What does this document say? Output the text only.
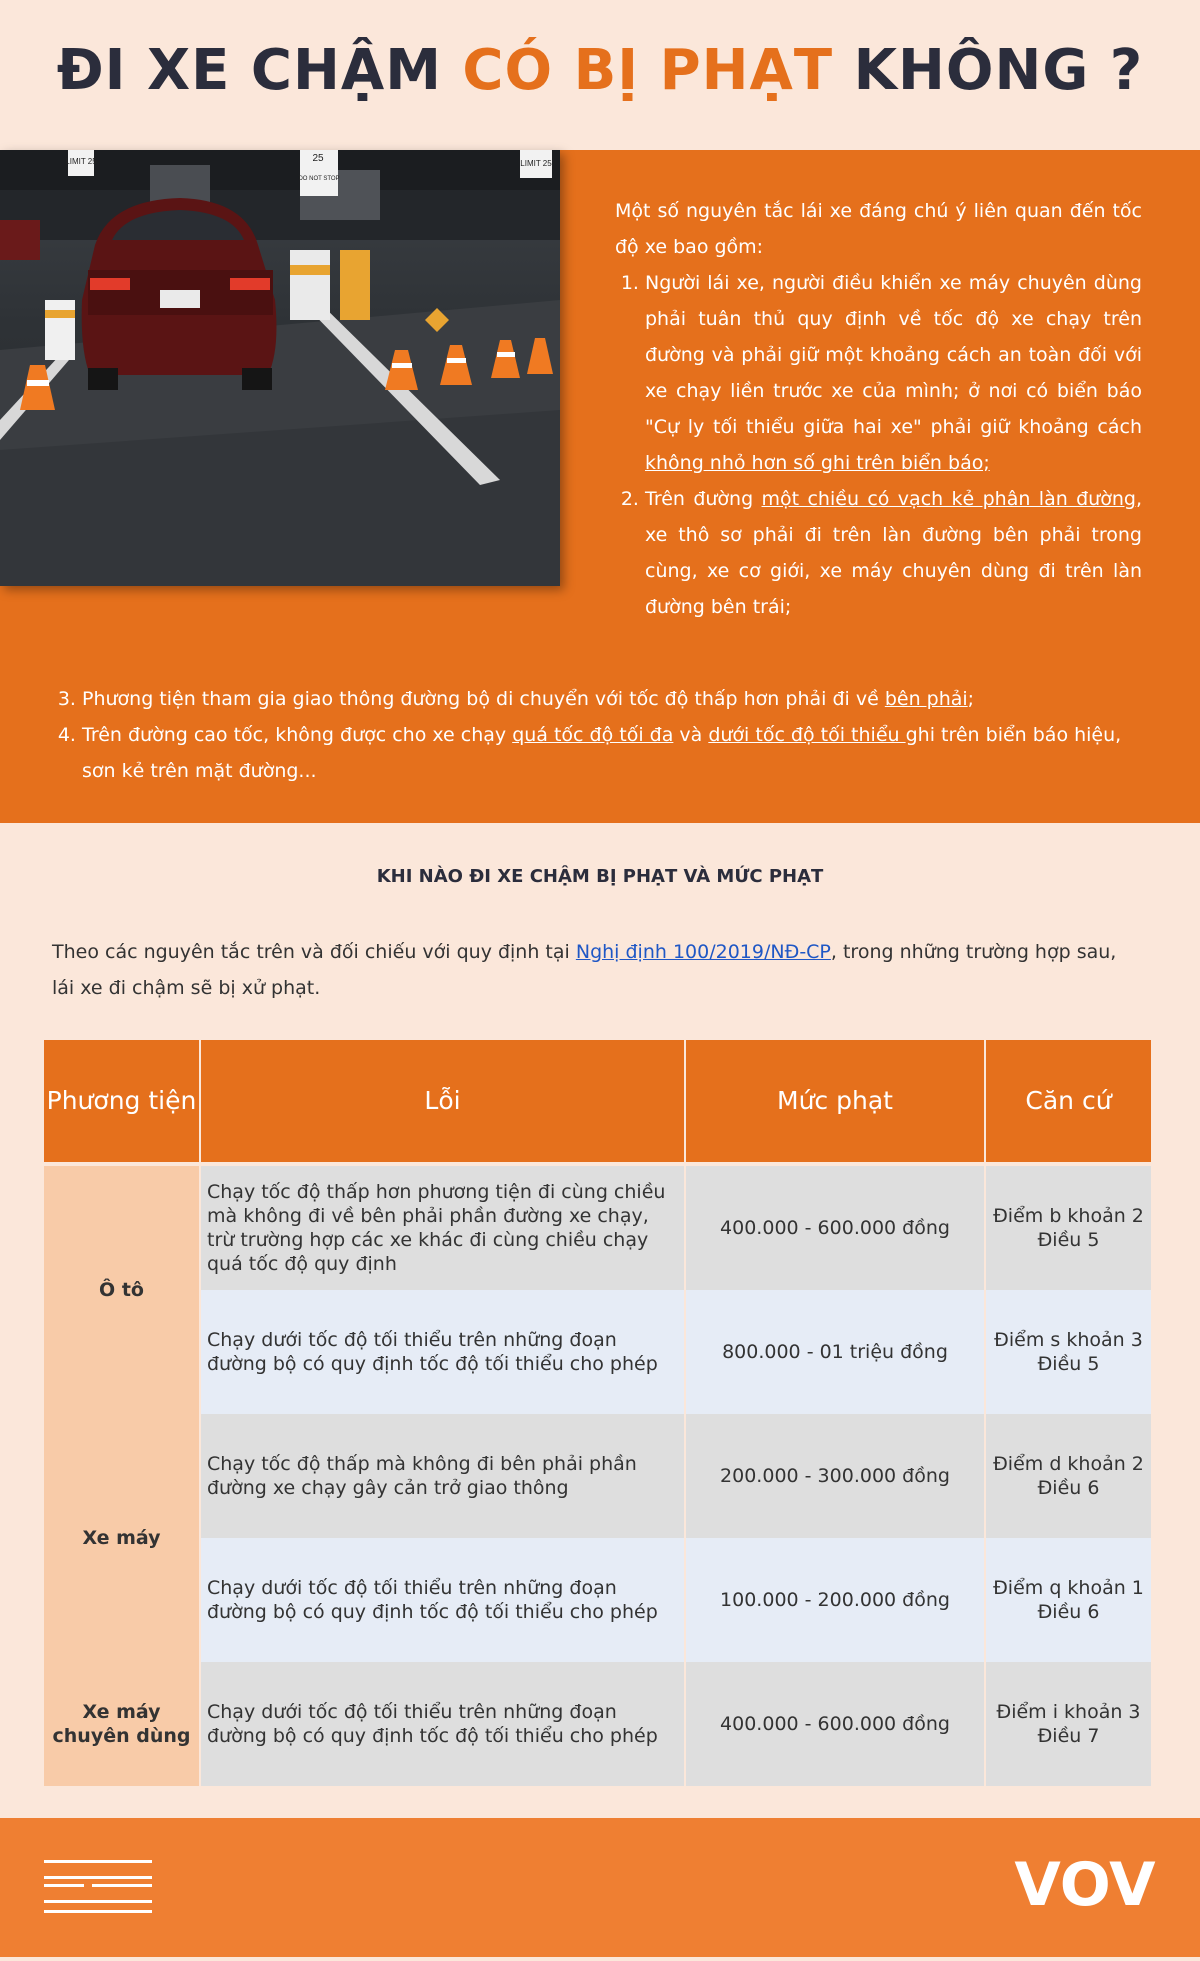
ĐI XE CHẬM CÓ BỊ PHẠT KHÔNG ?
LIMIT 25
DO NOT STOP
LIMIT 25
25
Một số nguyên tắc lái xe đáng chú ý liên quan đến tốc độ xe bao gồm:
1. Người lái xe, người điều khiển xe máy chuyên dùng phải tuân thủ quy định về tốc độ xe chạy trên đường và phải giữ một khoảng cách an toàn đối với xe chạy liền trước xe của mình; ở nơi có biển báo "Cự ly tối thiểu giữa hai xe" phải giữ khoảng cách không nhỏ hơn số ghi trên biển báo;
2. Trên đường một chiều có vạch kẻ phân làn đường, xe thô sơ phải đi trên làn đường bên phải trong cùng, xe cơ giới, xe máy chuyên dùng đi trên làn đường bên trái;
3. Phương tiện tham gia giao thông đường bộ di chuyển với tốc độ thấp hơn phải đi về bên phải;
4. Trên đường cao tốc, không được cho xe chạy quá tốc độ tối đa và dưới tốc độ tối thiểu ghi trên biển báo hiệu, sơn kẻ trên mặt đường...
KHI NÀO ĐI XE CHẬM BỊ PHẠT VÀ MỨC PHẠT
Theo các nguyên tắc trên và đối chiếu với quy định tại Nghị định 100/2019/NĐ-CP, trong những trường hợp sau, lái xe đi chậm sẽ bị xử phạt.
Phương tiện	Lỗi	Mức phạt	Căn cứ
Ô tô	Chạy tốc độ thấp hơn phương tiện đi cùng chiều mà không đi về bên phải phần đường xe chạy, trừ trường hợp các xe khác đi cùng chiều chạy quá tốc độ quy định	400.000 - 600.000 đồng	Điểm b khoản 2 Điều 5
	Chạy dưới tốc độ tối thiểu trên những đoạn đường bộ có quy định tốc độ tối thiểu cho phép	800.000 - 01 triệu đồng	Điểm s khoản 3 Điều 5
Xe máy	Chạy tốc độ thấp mà không đi bên phải phần đường xe chạy gây cản trở giao thông	200.000 - 300.000 đồng	Điểm d khoản 2 Điều 6
	Chạy dưới tốc độ tối thiểu trên những đoạn đường bộ có quy định tốc độ tối thiểu cho phép	100.000 - 200.000 đồng	Điểm q khoản 1 Điều 6
Xe máy chuyên dùng	Chạy dưới tốc độ tối thiểu trên những đoạn đường bộ có quy định tốc độ tối thiểu cho phép	400.000 - 600.000 đồng	Điểm i khoản 3 Điều 7
VOV
